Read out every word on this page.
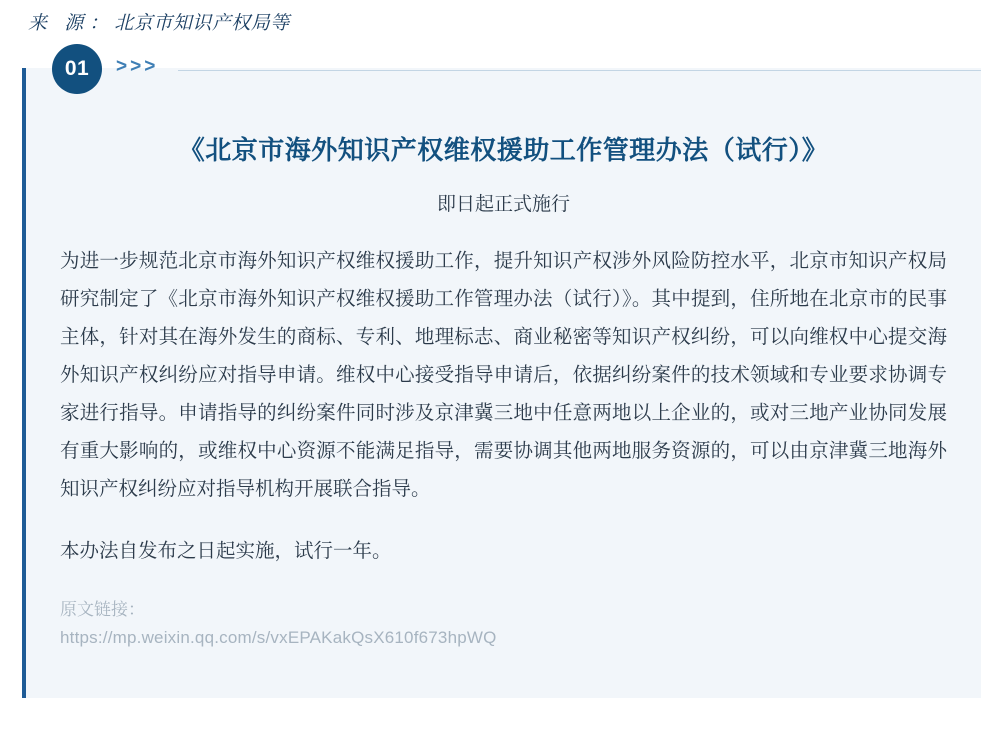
来 源：北京市知识产权局等
01	>>>
《北京市海外知识产权维权援助工作管理办法（试行）》
即日起正式施行

为进一步规范北京市海外知识产权维权援助工作，提升知识产权涉外风险防控水平，北京市知识产权局研究制定了《北京市海外知识产权维权援助工作管理办法（试行）》。其中提到，住所地在北京市的民事主体，针对其在海外发生的商标、专利、地理标志、商业秘密等知识产权纠纷，可以向维权中心提交海外知识产权纠纷应对指导申请。维权中心接受指导申请后，依据纠纷案件的技术领域和专业要求协调专家进行指导。申请指导的纠纷案件同时涉及京津冀三地中任意两地以上企业的，或对三地产业协同发展有重大影响的，或维权中心资源不能满足指导，需要协调其他两地服务资源的，可以由京津冀三地海外知识产权纠纷应对指导机构开展联合指导。

本办法自发布之日起实施，试行一年。

原文链接：
https://mp.weixin.qq.com/s/vxEPAKakQsX610f673hpWQ
